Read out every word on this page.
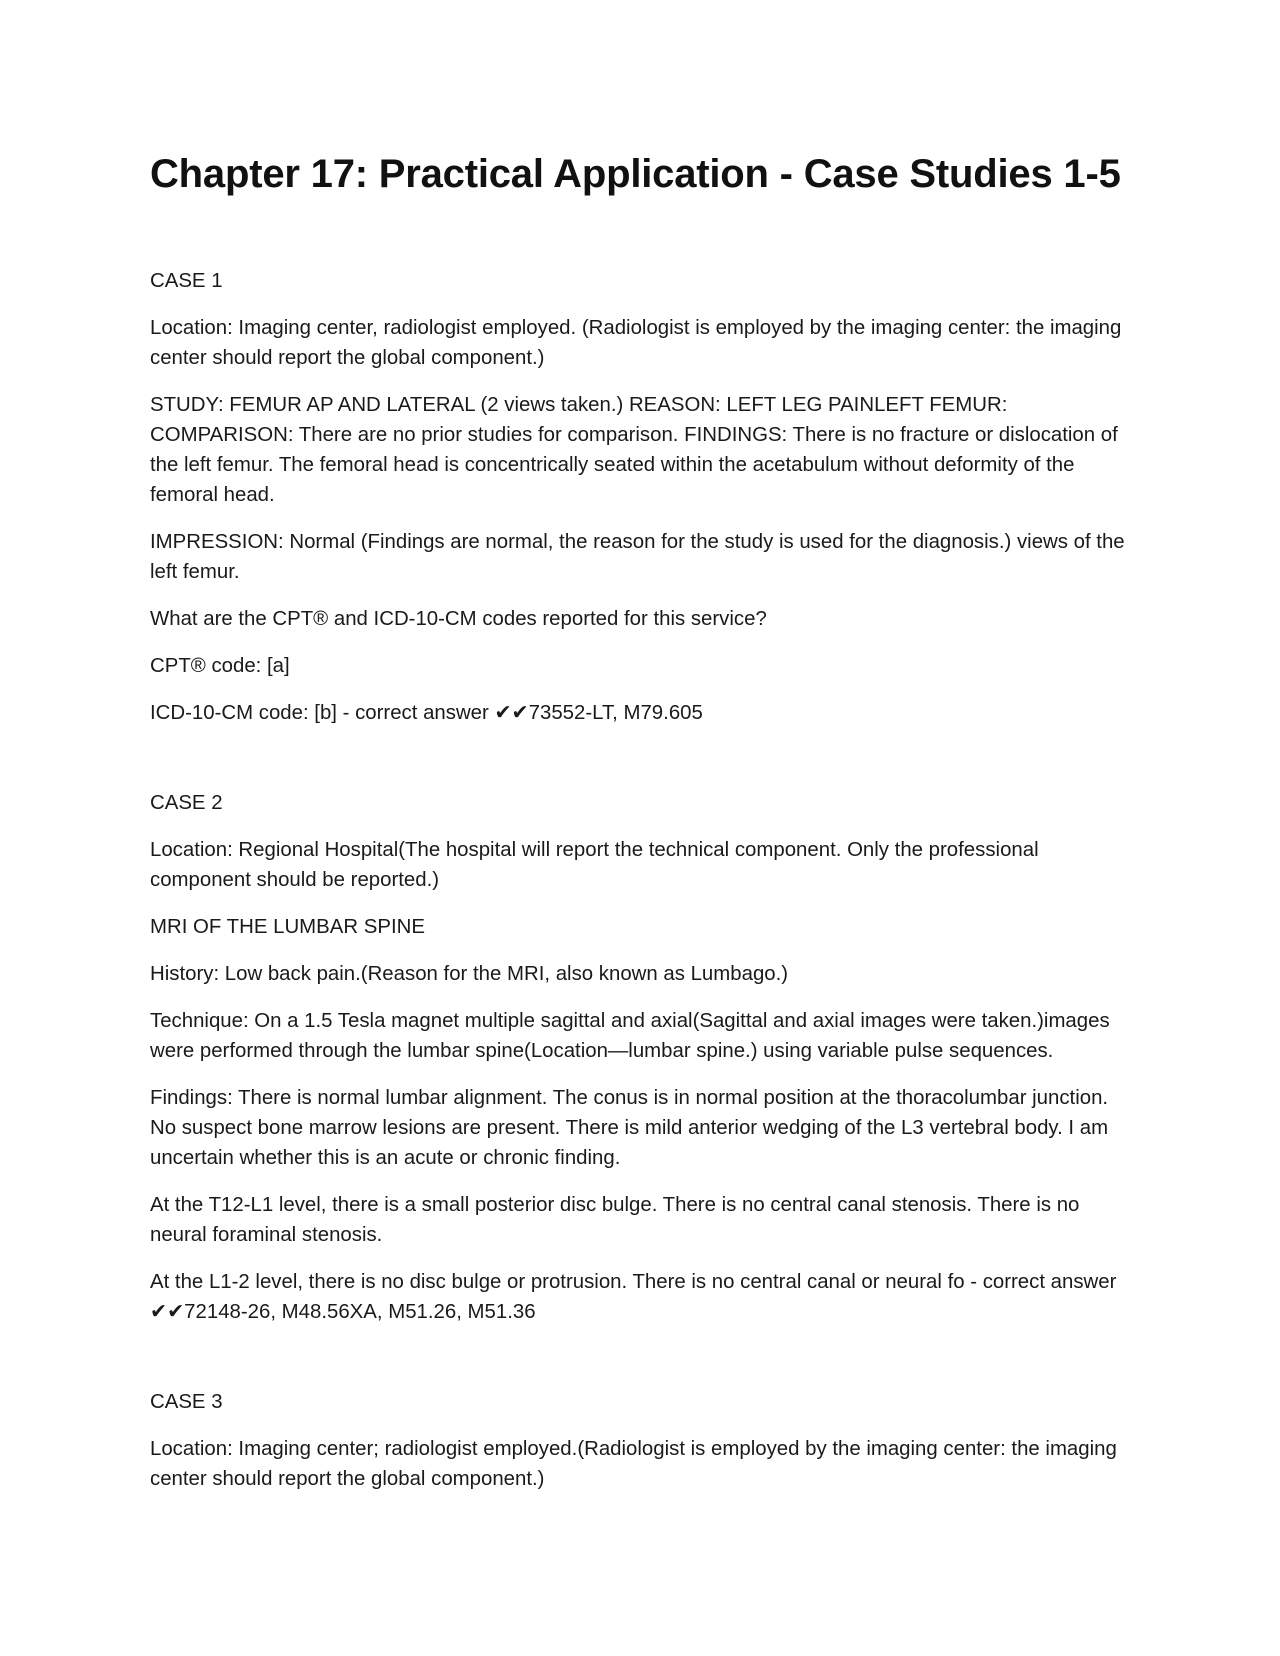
Chapter 17: Practical Application - Case Studies 1-5

CASE 1

Location: Imaging center, radiologist employed. (Radiologist is employed by the imaging center: the imaging center should report the global component.)

STUDY: FEMUR AP AND LATERAL (2 views taken.) REASON: LEFT LEG PAINLEFT FEMUR: COMPARISON: There are no prior studies for comparison. FINDINGS: There is no fracture or dislocation of the left femur. The femoral head is concentrically seated within the acetabulum without deformity of the femoral head.

IMPRESSION: Normal (Findings are normal, the reason for the study is used for the diagnosis.) views of the left femur.

What are the CPT® and ICD-10-CM codes reported for this service?

CPT® code: [a]

ICD-10-CM code: [b] - correct answer ✔✔73552-LT, M79.605

CASE 2

Location: Regional Hospital(The hospital will report the technical component. Only the professional component should be reported.)

MRI OF THE LUMBAR SPINE

History: Low back pain.(Reason for the MRI, also known as Lumbago.)

Technique: On a 1.5 Tesla magnet multiple sagittal and axial(Sagittal and axial images were taken.)images were performed through the lumbar spine(Location—lumbar spine.) using variable pulse sequences.

Findings: There is normal lumbar alignment. The conus is in normal position at the thoracolumbar junction. No suspect bone marrow lesions are present. There is mild anterior wedging of the L3 vertebral body. I am uncertain whether this is an acute or chronic finding.

At the T12-L1 level, there is a small posterior disc bulge. There is no central canal stenosis. There is no neural foraminal stenosis.

At the L1-2 level, there is no disc bulge or protrusion. There is no central canal or neural fo - correct answer ✔✔72148-26, M48.56XA, M51.26, M51.36

CASE 3

Location: Imaging center; radiologist employed.(Radiologist is employed by the imaging center: the imaging center should report the global component.)
